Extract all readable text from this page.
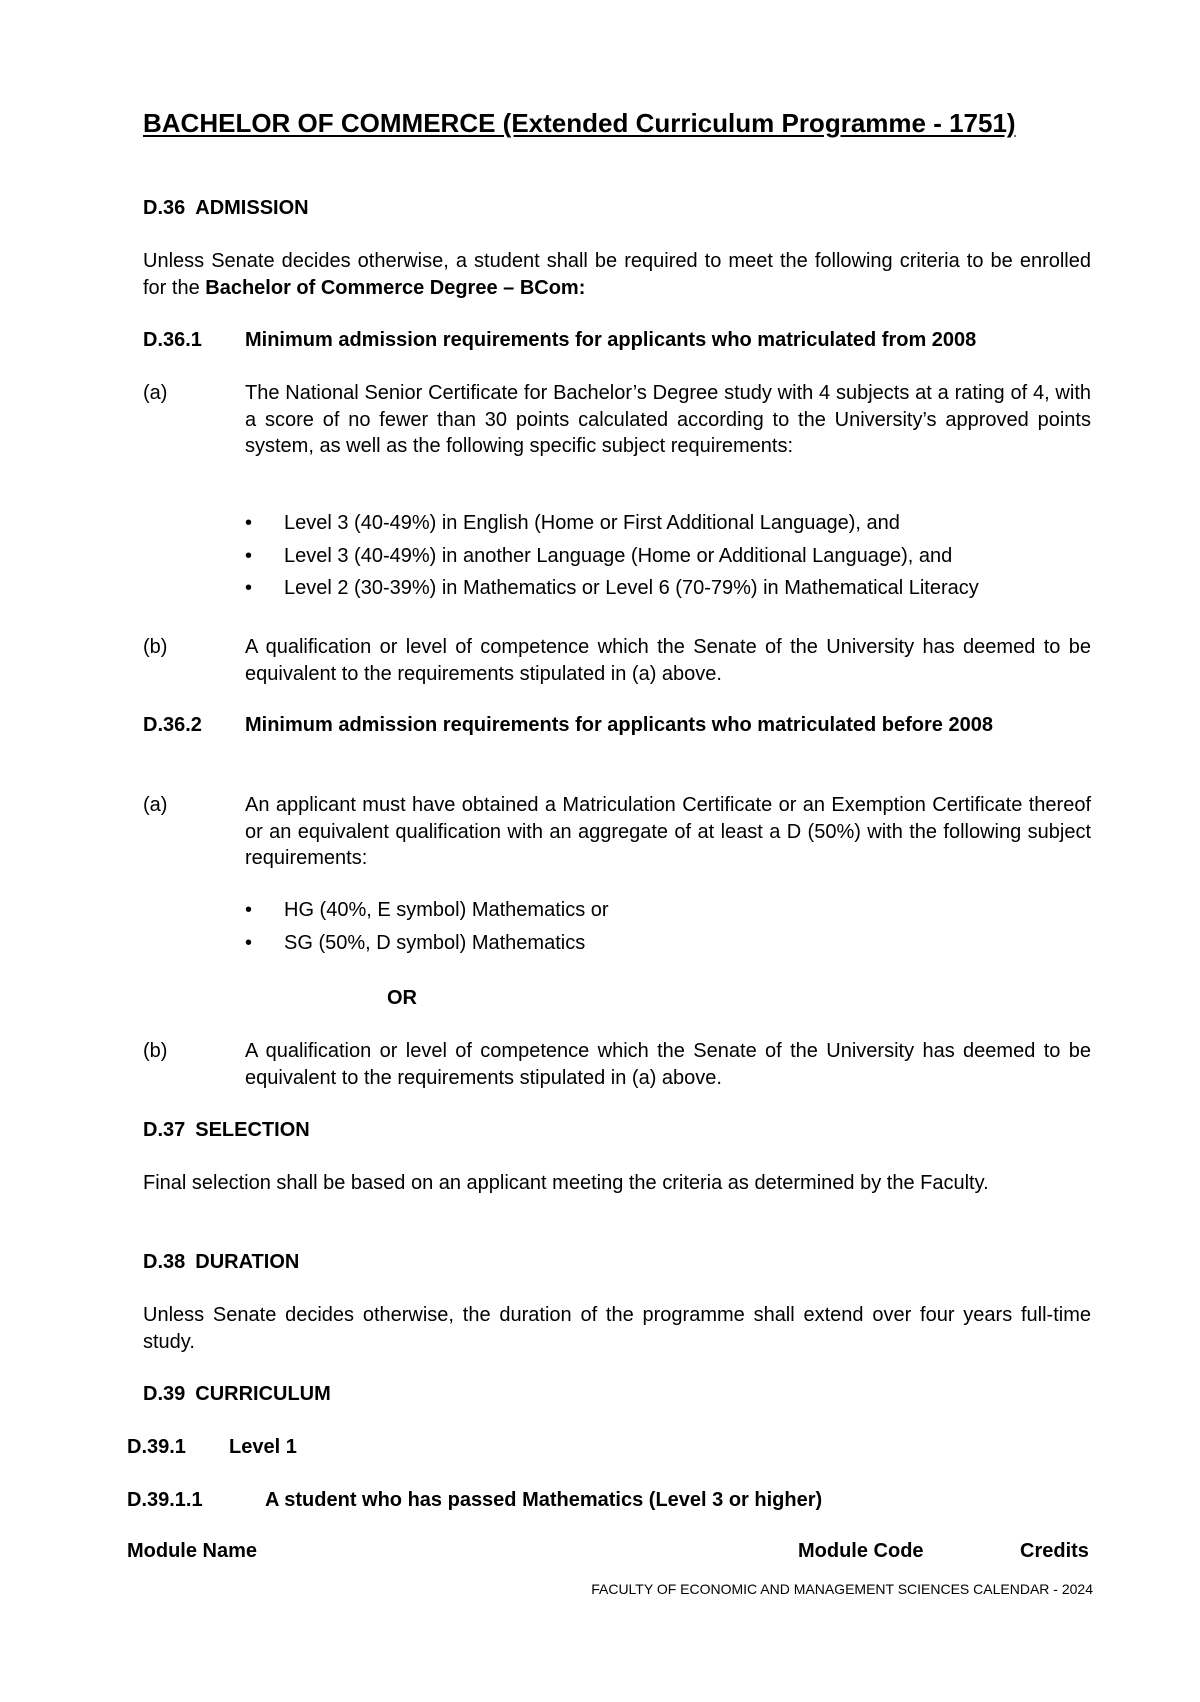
BACHELOR OF COMMERCE (Extended Curriculum Programme - 1751)
D.36 ADMISSION

Unless Senate decides otherwise, a student shall be required to meet the following criteria to be enrolled for the Bachelor of Commerce Degree – BCom:

D.36.1 Minimum admission requirements for applicants who matriculated from 2008
(a)	The National Senior Certificate for Bachelor’s Degree study with 4 subjects at a rating of 4, with a score of no fewer than 30 points calculated according to the University’s approved points system, as well as the following specific subject requirements:

• Level 3 (40-49%) in English (Home or First Additional Language), and
• Level 3 (40-49%) in another Language (Home or Additional Language), and
• Level 2 (30-39%) in Mathematics or Level 6 (70-79%) in Mathematical Literacy
(b)	A qualification or level of competence which the Senate of the University has deemed to be equivalent to the requirements stipulated in (a) above.

D.36.2 Minimum admission requirements for applicants who matriculated before 2008
(a)	An applicant must have obtained a Matriculation Certificate or an Exemption Certificate thereof or an equivalent qualification with an aggregate of at least a D (50%) with the following subject requirements:

• HG (40%, E symbol) Mathematics or
• SG (50%, D symbol) Mathematics
OR
(b)	A qualification or level of competence which the Senate of the University has deemed to be equivalent to the requirements stipulated in (a) above.

D.37 SELECTION

Final selection shall be based on an applicant meeting the criteria as determined by the Faculty.

D.38 DURATION

Unless Senate decides otherwise, the duration of the programme shall extend over four years full-time study.

D.39 CURRICULUM
D.39.1 Level 1
D.39.1.1	A student who has passed Mathematics (Level 3 or higher)
Module Name	Module Code	Credits
FACULTY OF ECONOMIC AND MANAGEMENT SCIENCES CALENDAR - 2024
